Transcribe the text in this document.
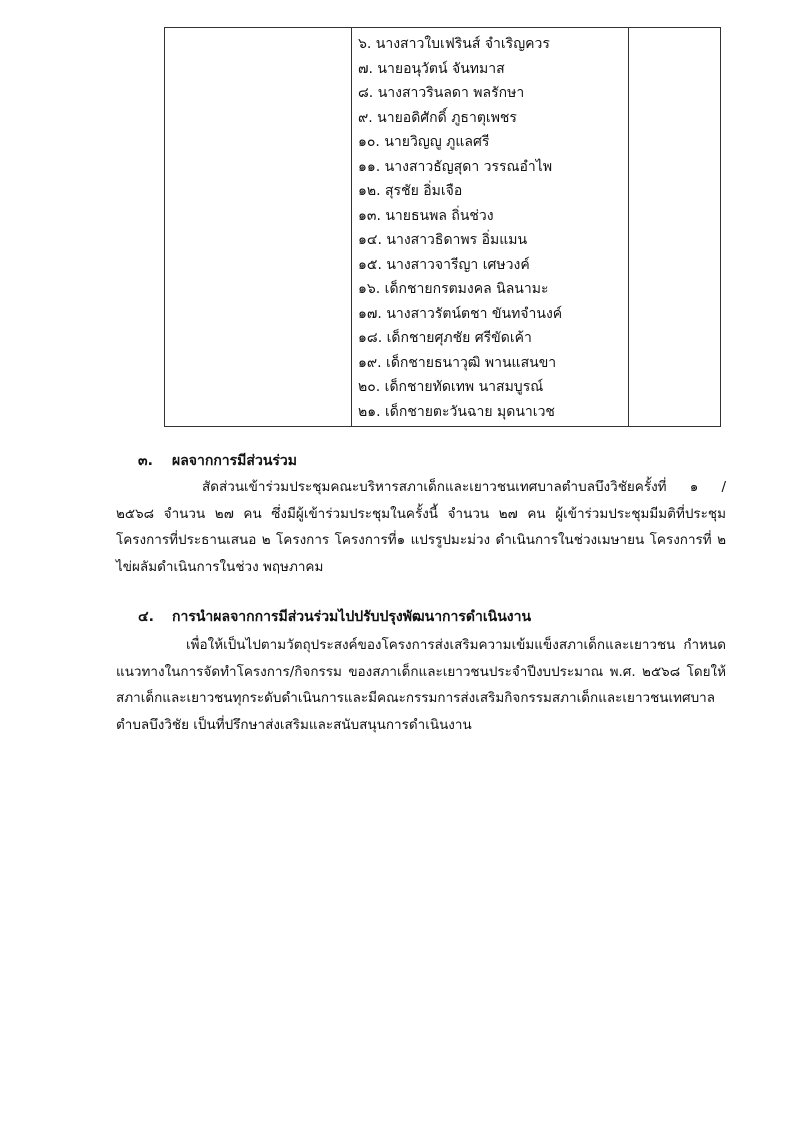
๖. นางสาวใบเฟรินส์ จำเริญควร
๗. นายอนุวัตน์ จันทมาส
๘. นางสาวรินลดา พลรักษา
๙. นายอดิศักดิ์ ภูธาตุเพชร
๑๐. นายวิญญู ภูแลศรี
๑๑. นางสาวธัญสุดา วรรณอำไพ
๑๒. สุรชัย อิ่มเจือ
๑๓. นายธนพล ถิ่นช่วง
๑๔. นางสาวธิดาพร อิ่มแมน
๑๕. นางสาวจารีญา เศษวงค์
๑๖. เด็กชายกรตมงคล นิลนามะ
๑๗. นางสาวรัตน์ตชา ขันทจำนงค์
๑๘. เด็กชายศุภชัย ศรีขัดเค้า
๑๙. เด็กชายธนาวุฒิ พานแสนขา
๒๐. เด็กชายทัดเทพ นาสมบูรณ์
๒๑. เด็กชายตะวันฉาย มุดนาเวช

๓. ผลจากการมีส่วนร่วม

สัดส่วนเข้าร่วมประชุมคณะบริหารสภาเด็กและเยาวชนเทศบาลตำบลบึงวิชัยครั้งที่ ๑ / ๒๕๖๘ จำนวน ๒๗ คน ซึ่งมีผู้เข้าร่วมประชุมในครั้งนี้ จำนวน ๒๗ คน ผู้เข้าร่วมประชุมมีมติที่ประชุมโครงการที่ประธานเสนอ ๒ โครงการ โครงการที่๑ แปรรูปมะม่วง ดำเนินการในช่วงเมษายน โครงการที่ ๒ ไข่ผลัมดำเนินการในช่วง พฤษภาคม

๔. การนำผลจากการมีส่วนร่วมไปปรับปรุงพัฒนาการดำเนินงาน

เพื่อให้เป็นไปตามวัตถุประสงค์ของโครงการส่งเสริมความเข้มแข็งสภาเด็กและเยาวชน กำหนดแนวทางในการจัดทำโครงการ/กิจกรรม ของสภาเด็กและเยาวชนประจำปีงบประมาณ พ.ศ. ๒๕๖๘ โดยให้สภาเด็กและเยาวชนทุกระดับดำเนินการและมีคณะกรรมการส่งเสริมกิจกรรมสภาเด็กและเยาวชนเทศบาลตำบลบึงวิชัย เป็นที่ปรึกษาส่งเสริมและสนับสนุนการดำเนินงาน
